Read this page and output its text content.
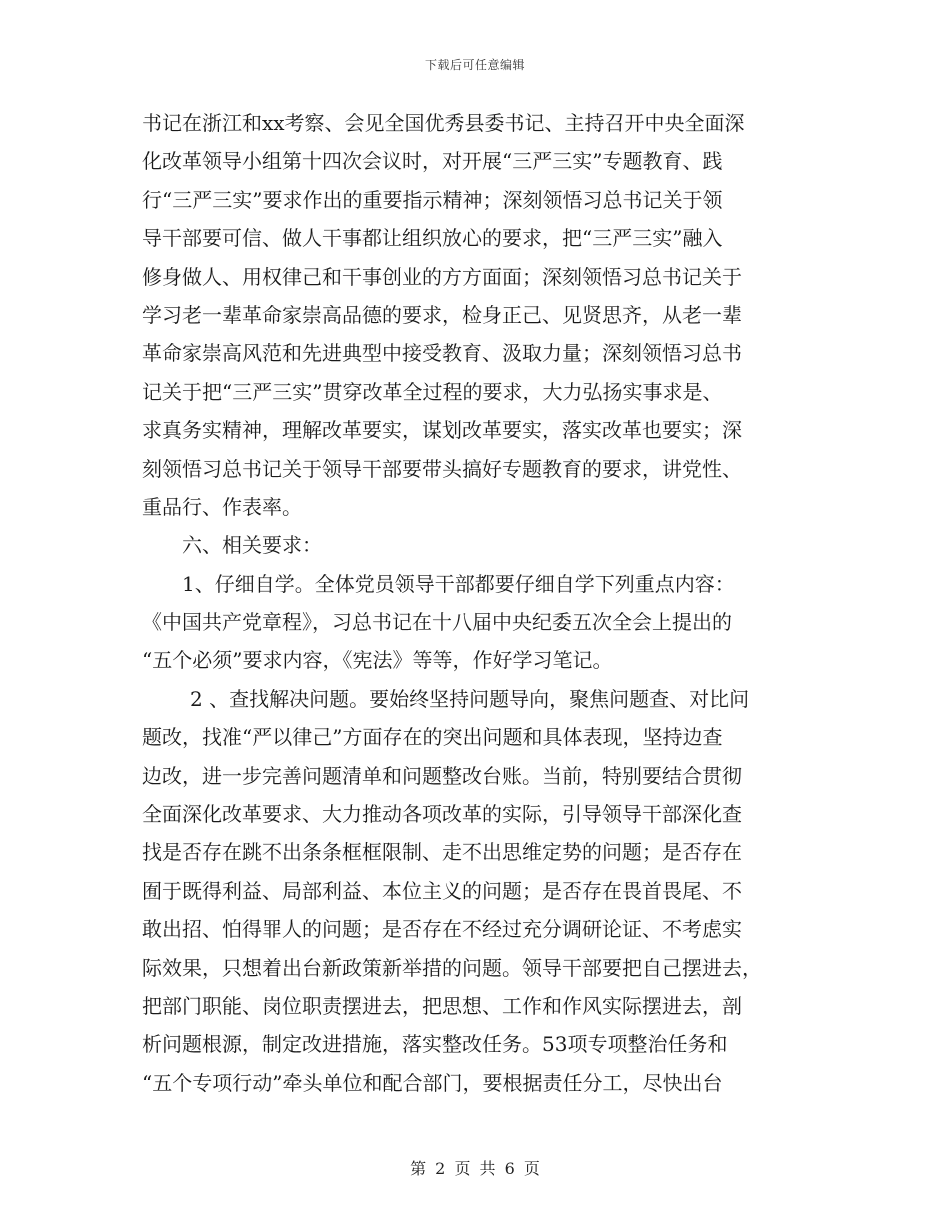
下载后可任意编辑
书记在浙江和xx考察、会见全国优秀县委书记、主持召开中央全面深
化改革领导小组第十四次会议时，对开展“三严三实”专题教育、践
行“三严三实”要求作出的重要指示精神；深刻领悟习总书记关于领
导干部要可信、做人干事都让组织放心的要求，把“三严三实”融入
修身做人、用权律己和干事创业的方方面面；深刻领悟习总书记关于
学习老一辈革命家崇高品德的要求，检身正己、见贤思齐，从老一辈
革命家崇高风范和先进典型中接受教育、汲取力量；深刻领悟习总书
记关于把“三严三实”贯穿改革全过程的要求，大力弘扬实事求是、
求真务实精神，理解改革要实，谋划改革要实，落实改革也要实；深
刻领悟习总书记关于领导干部要带头搞好专题教育的要求，讲党性、
重品行、作表率。
六、相关要求：
1、仔细自学。全体党员领导干部都要仔细自学下列重点内容：
《中国共产党章程》，习总书记在十八届中央纪委五次全会上提出的
“五个必须”要求内容，《宪法》等等，作好学习笔记。
2 、查找解决问题。要始终坚持问题导向，聚焦问题查、对比问
题改，找准“严以律己”方面存在的突出问题和具体表现，坚持边查
边改，进一步完善问题清单和问题整改台账。当前，特别要结合贯彻
全面深化改革要求、大力推动各项改革的实际，引导领导干部深化查
找是否存在跳不出条条框框限制、走不出思维定势的问题；是否存在
囿于既得利益、局部利益、本位主义的问题；是否存在畏首畏尾、不
敢出招、怕得罪人的问题；是否存在不经过充分调研论证、不考虑实
际效果，只想着出台新政策新举措的问题。领导干部要把自己摆进去，
把部门职能、岗位职责摆进去，把思想、工作和作风实际摆进去，剖
析问题根源，制定改进措施，落实整改任务。53项专项整治任务和
“五个专项行动”牵头单位和配合部门，要根据责任分工，尽快出台
第 2 页 共 6 页
